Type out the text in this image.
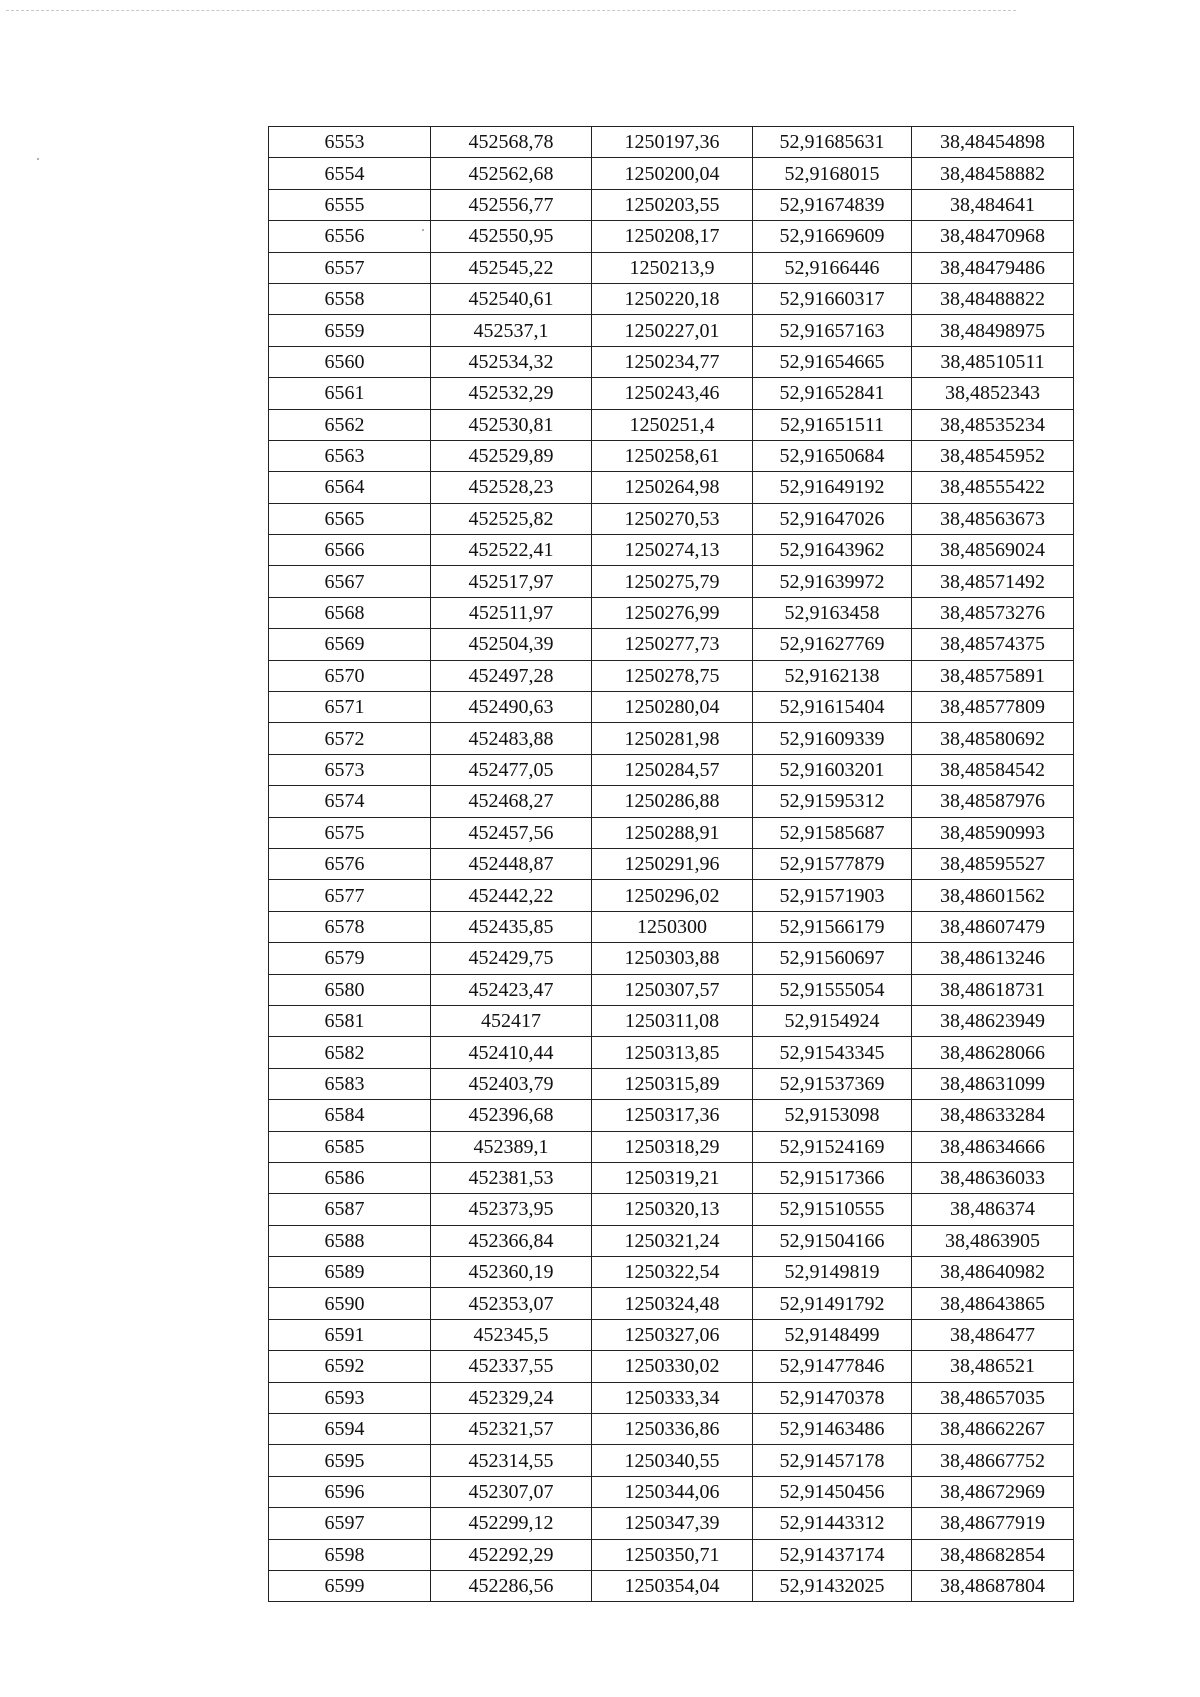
6553	452568,78	1250197,36	52,91685631	38,48454898
6554	452562,68	1250200,04	52,9168015	38,48458882
6555	452556,77	1250203,55	52,91674839	38,484641
6556	452550,95	1250208,17	52,91669609	38,48470968
6557	452545,22	1250213,9	52,9166446	38,48479486
6558	452540,61	1250220,18	52,91660317	38,48488822
6559	452537,1	1250227,01	52,91657163	38,48498975
6560	452534,32	1250234,77	52,91654665	38,48510511
6561	452532,29	1250243,46	52,91652841	38,4852343
6562	452530,81	1250251,4	52,91651511	38,48535234
6563	452529,89	1250258,61	52,91650684	38,48545952
6564	452528,23	1250264,98	52,91649192	38,48555422
6565	452525,82	1250270,53	52,91647026	38,48563673
6566	452522,41	1250274,13	52,91643962	38,48569024
6567	452517,97	1250275,79	52,91639972	38,48571492
6568	452511,97	1250276,99	52,9163458	38,48573276
6569	452504,39	1250277,73	52,91627769	38,48574375
6570	452497,28	1250278,75	52,9162138	38,48575891
6571	452490,63	1250280,04	52,91615404	38,48577809
6572	452483,88	1250281,98	52,91609339	38,48580692
6573	452477,05	1250284,57	52,91603201	38,48584542
6574	452468,27	1250286,88	52,91595312	38,48587976
6575	452457,56	1250288,91	52,91585687	38,48590993
6576	452448,87	1250291,96	52,91577879	38,48595527
6577	452442,22	1250296,02	52,91571903	38,48601562
6578	452435,85	1250300	52,91566179	38,48607479
6579	452429,75	1250303,88	52,91560697	38,48613246
6580	452423,47	1250307,57	52,91555054	38,48618731
6581	452417	1250311,08	52,9154924	38,48623949
6582	452410,44	1250313,85	52,91543345	38,48628066
6583	452403,79	1250315,89	52,91537369	38,48631099
6584	452396,68	1250317,36	52,9153098	38,48633284
6585	452389,1	1250318,29	52,91524169	38,48634666
6586	452381,53	1250319,21	52,91517366	38,48636033
6587	452373,95	1250320,13	52,91510555	38,486374
6588	452366,84	1250321,24	52,91504166	38,4863905
6589	452360,19	1250322,54	52,9149819	38,48640982
6590	452353,07	1250324,48	52,91491792	38,48643865
6591	452345,5	1250327,06	52,9148499	38,486477
6592	452337,55	1250330,02	52,91477846	38,486521
6593	452329,24	1250333,34	52,91470378	38,48657035
6594	452321,57	1250336,86	52,91463486	38,48662267
6595	452314,55	1250340,55	52,91457178	38,48667752
6596	452307,07	1250344,06	52,91450456	38,48672969
6597	452299,12	1250347,39	52,91443312	38,48677919
6598	452292,29	1250350,71	52,91437174	38,48682854
6599	452286,56	1250354,04	52,91432025	38,48687804
